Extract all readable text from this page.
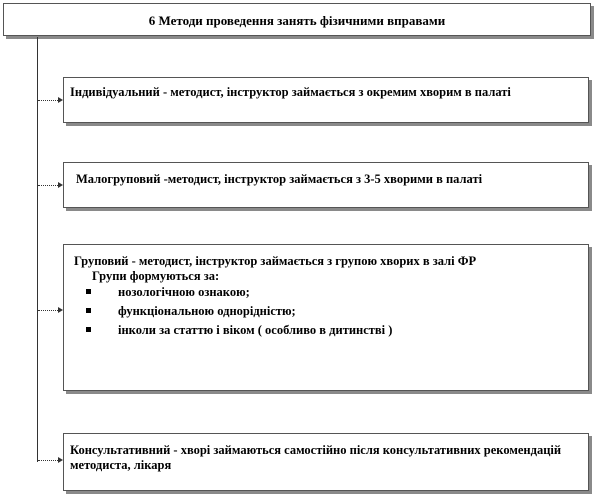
6 Методи проведення занять фізичними вправами
Індивідуальний - методист, інструктор займається з окремим хворим в палаті
Малогруповий -методист, інструктор займається з 3-5 хворими в палаті
Груповий - методист, інструктор займається з групою хворих в залі ФР
Групи формуються за:
нозологічною ознакою;
функціональною однорідністю;
інколи за статтю і віком ( особливо в дитинстві )
Консультативний - хворі займаються самостійно після консультативних рекомендацій методиста, лікаря
